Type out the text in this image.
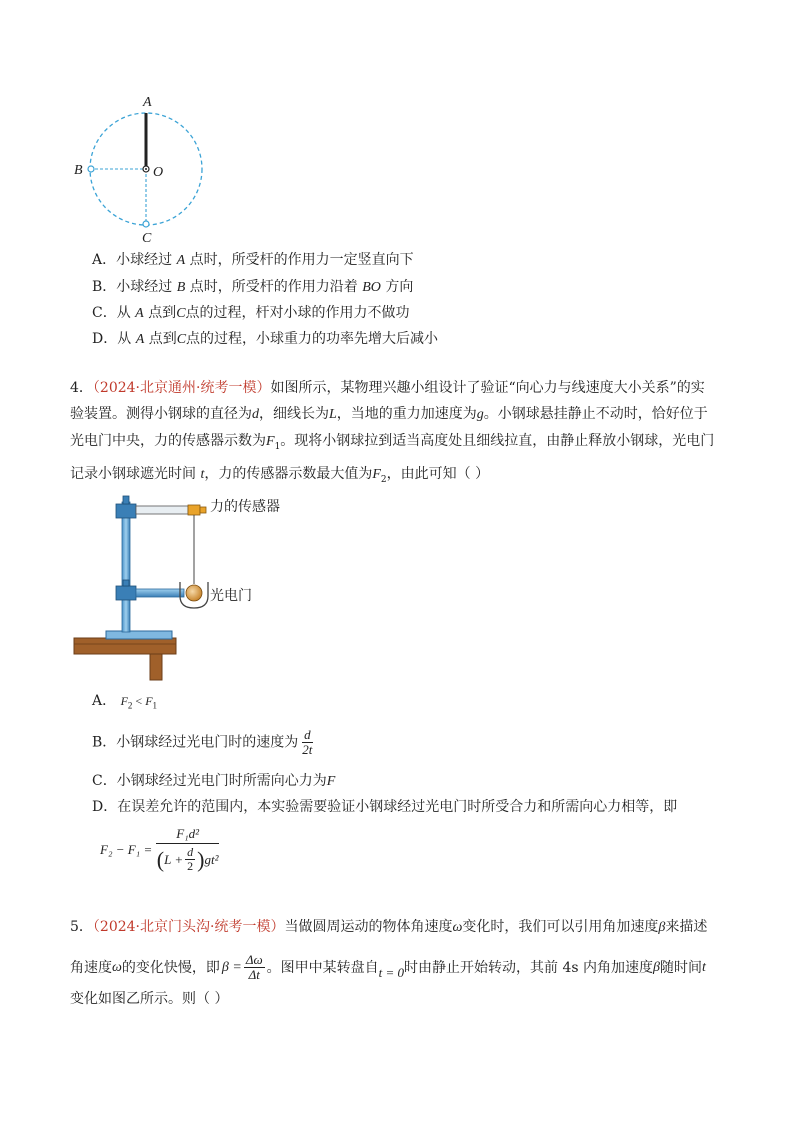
A
B	O
C
A．小球经过 A 点时，所受杆的作用力一定竖直向下
B．小球经过 B 点时，所受杆的作用力沿着 BO 方向
C．从 A 点到C点的过程，杆对小球的作用力不做功
D．从 A 点到C点的过程，小球重力的功率先增大后减小
4．（2024·北京通州·统考一模）如图所示，某物理兴趣小组设计了验证“向心力与线速度大小关系”的实
验装置。测得小钢球的直径为d，细线长为L，当地的重力加速度为g。小钢球悬挂静止不动时，恰好位于
光电门中央，力的传感器示数为$F_1$。现将小钢球拉到适当高度处且细线拉直，由静止释放小钢球，光电门
记录小钢球遮光时间 t，力的传感器示数最大值为$F_2$，由此可知（ ）
力的传感器
光电门
A． $F_2 < F_1$
B．小钢球经过光电门时的速度为 $\frac{d}{2t}$
C．小钢球经过光电门时所需向心力为F
D．在误差允许的范围内，本实验需要验证小钢球经过光电门时所受合力和所需向心力相等，即
F₂ − F₁ =
F₁d²
( $L + \frac{d}{2}$ ) gt²
5．（2024·北京门头沟·统考一模）当做圆周运动的物体角速度ω变化时，我们可以引用角加速度β来描述
角速度 ω 的变化快慢，即 $\beta = \frac{\Delta\omega}{\Delta t}$ 。图甲中某转盘自 t = 0 时由静止开始转动，其前 4s 内角加速度 β 随时间 t
变化如图乙所示。则（ ）
